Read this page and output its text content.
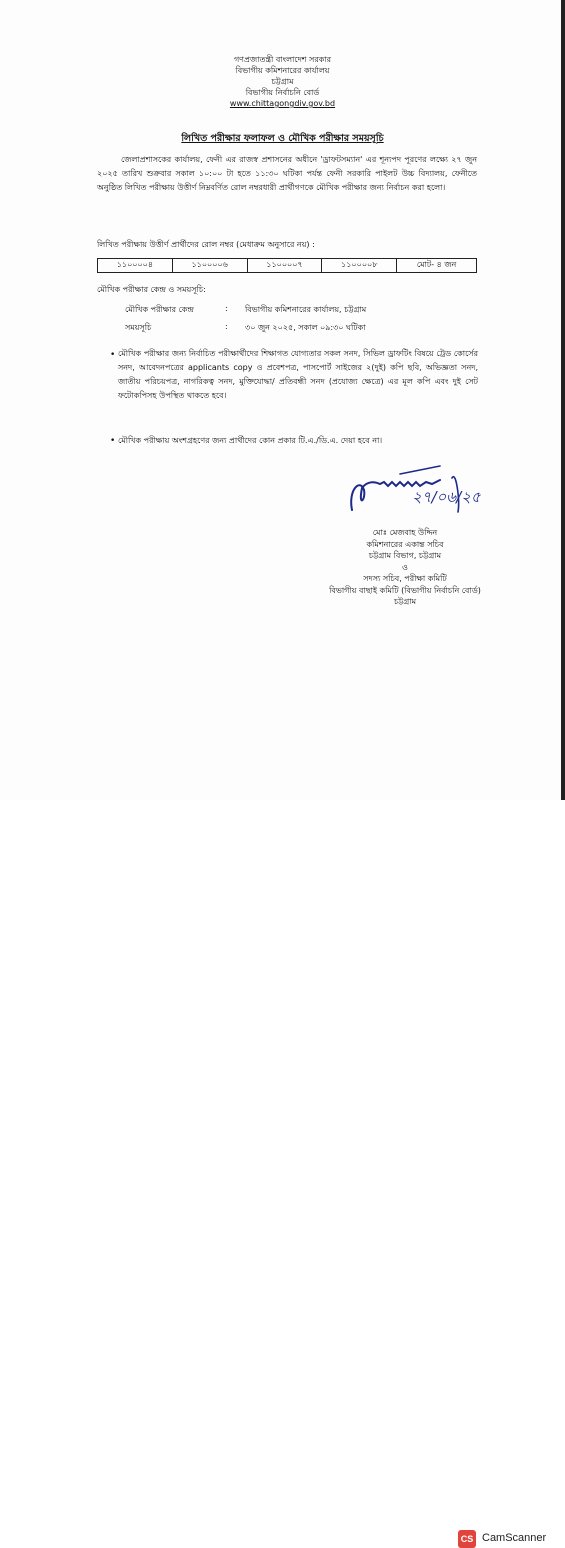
গণপ্রজাতন্ত্রী বাংলাদেশ সরকার
বিভাগীয় কমিশনারের কার্যালয়
চট্টগ্রাম
বিভাগীয় নির্বাচনি বোর্ড
www.chittagongdiv.gov.bd
লিখিত পরীক্ষার ফলাফল ও মৌখিক পরীক্ষার সময়সূচি
জেলাপ্রশাসকের কার্যালয়, ফেনী এর রাজস্ব প্রশাসনের অধীনে 'ড্রাফটসম্যান' এর শূন্যপদ পূরণের লক্ষ্যে ২৭ জুন ২০২৫ তারিখ শুক্রবার সকাল ১০:০০ টা হতে ১১:৩০ ঘটিকা পর্যন্ত ফেনী সরকারি পাইলট উচ্চ বিদ্যালয়, ফেনীতে অনুষ্ঠিত লিখিত পরীক্ষায় উত্তীর্ণ নিম্নবর্ণিত রোল নম্বরধারী প্রার্থীগণকে মৌখিক পরীক্ষার জন্য নির্বাচন করা হলো।
লিখিত পরীক্ষায় উত্তীর্ণ প্রার্থীদের রোল নম্বর (মেধাক্রম অনুসারে নয়) :
১১০০০০৪	১১০০০০৬	১১০০০০৭	১১০০০০৮	মোট- ৪ জন
মৌখিক পরীক্ষার কেন্দ্র ও সময়সূচি:
মৌখিক পরীক্ষার কেন্দ্র	: বিভাগীয় কমিশনারের কার্যালয়, চট্টগ্রাম
সময়সূচি	: ৩০ জুন ২০২৫, সকাল ০৯:৩০ ঘটিকা
• মৌখিক পরীক্ষার জন্য নির্বাচিত পরীক্ষার্থীদের শিক্ষাগত যোগ্যতার সকল সনদ, সিভিল ড্রাফটিং বিষয়ে ট্রেড কোর্সের সনদ, আবেদনপত্রের applicants copy ও প্রবেশপত্র, পাসপোর্ট সাইজের ২(দুই) কপি ছবি, অভিজ্ঞতা সনদ, জাতীয় পরিচয়পত্র, নাগরিকত্ব সনদ, মুক্তিযোদ্ধা/ প্রতিবন্ধী সনদ (প্রযোজ্য ক্ষেত্রে) এর মূল কপি এবং দুই সেট ফটোকপিসহ উপস্থিত থাকতে হবে।
• মৌখিক পরীক্ষায় অংশগ্রহণের জন্য প্রার্থীদের কোন প্রকার টি.এ./ডি.এ. দেয়া হবে না।
২৭/০৬/২৫
মোঃ মেজবাহ উদ্দিন
কমিশনারের একান্ত সচিব
চট্টগ্রাম বিভাগ, চট্টগ্রাম
ও
সদস্য সচিব, পরীক্ষা কমিটি
বিভাগীয় বাছাই কমিটি (বিভাগীয় নির্বাচনি বোর্ড)
চট্টগ্রাম
CS CamScanner
